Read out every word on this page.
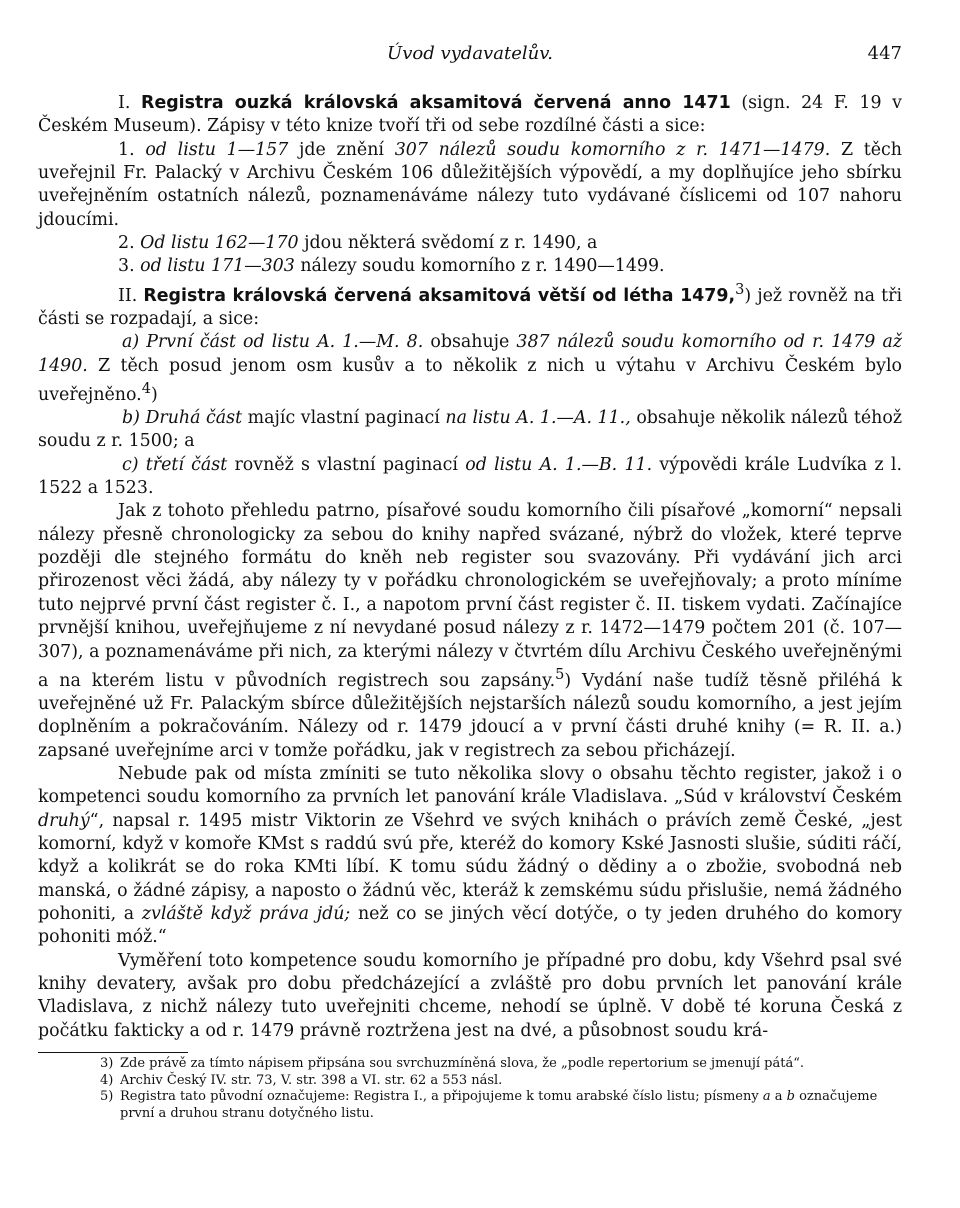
Úvod vydavatelův.	447

I. Registra ouzká královská aksamitová červená anno 1471 (sign. 24 F. 19 v Českém Museum). Zápisy v této knize tvoří tři od sebe rozdílné části a sice:

1. od listu 1—157 jde znění 307 nálezů soudu komorního z r. 1471—1479. Z těch uveřejnil Fr. Palacký v Archivu Českém 106 důležitějších výpovědí, a my doplňujíce jeho sbírku uveřejněním ostatních nálezů, poznamenáváme nálezy tuto vydávané číslicemi od 107 nahoru jdoucími.

2. Od listu 162—170 jdou některá svědomí z r. 1490, a

3. od listu 171—303 nálezy soudu komorního z r. 1490—1499.

II. Registra královská červená aksamitová větší od létha 1479,$^3$) jež rovněž na tři části se rozpadají, a sice:

a) První část od listu A. 1.—M. 8. obsahuje 387 nálezů soudu komorního od r. 1479 až 1490. Z těch posud jenom osm kusův a to několik z nich u výtahu v Archivu Českém bylo uveřejněno.$^4$)

b) Druhá část majíc vlastní paginací na listu A. 1.—A. 11., obsahuje několik nálezů téhož soudu z r. 1500; a

c) třetí část rovněž s vlastní paginací od listu A. 1.—B. 11. výpovědi krále Ludvíka z l. 1522 a 1523.

Jak z tohoto přehledu patrno, písařové soudu komorního čili písařové „komorní“ nepsali nálezy přesně chronologicky za sebou do knihy napřed svázané, nýbrž do vložek, které teprve později dle stejného formátu do kněh neb register sou svazovány. Při vydávání jich arci přirozenost věci žádá, aby nálezy ty v pořádku chronologickém se uveřejňovaly; a proto míníme tuto nejprvé první část register č. I., a napotom první část register č. II. tiskem vydati. Začínajíce prvnější knihou, uveřejňujeme z ní nevydané posud nálezy z r. 1472—1479 počtem 201 (č. 107—307), a poznamenáváme při nich, za kterými nálezy v čtvrtém dílu Archivu Českého uveřejněnými a na kterém listu v původních registrech sou zapsány.$^5$) Vydání naše tudíž těsně přiléhá k uveřejněné už Fr. Palackým sbírce důležitějších nejstarších nálezů soudu komorního, a jest jejím doplněním a pokračováním. Nálezy od r. 1479 jdoucí a v první části druhé knihy (= R. II. a.) zapsané uveřejníme arci v tomže pořádku, jak v registrech za sebou přicházejí.

Nebude pak od místa zmíniti se tuto několika slovy o obsahu těchto register, jakož i o kompetenci soudu komorního za prvních let panování krále Vladislava. „Súd v království Českém druhý“, napsal r. 1495 mistr Viktorin ze Všehrd ve svých knihách o právích země České, „jest komorní, když v komoře KMst s raddú svú pře, kteréž do komory Kské Jasnosti slušie, súditi ráčí, když a kolikrát se do roka KMti líbí. K tomu súdu žádný o dědiny a o zbožie, svobodná neb manská, o žádné zápisy, a naposto o žádnú věc, kteráž k zemskému súdu přislušie, nemá žádného pohoniti, a zvláště když práva jdú; než co se jiných věcí dotýče, o ty jeden druhého do komory pohoniti móž.“

Vyměření toto kompetence soudu komorního je případné pro dobu, kdy Všehrd psal své knihy devatery, avšak pro dobu předcházející a zvláště pro dobu prvních let panování krále Vladislava, z nichž nálezy tuto uveřejniti chceme, nehodí se úplně. V době té koruna Česká z počátku fakticky a od r. 1479 právně roztržena jest na dvé, a působnost soudu krá-

3) Zde právě za tímto nápisem připsána sou svrchuzmíněná slova, že „podle repertorium se jmenují pátá“.

4) Archiv Český IV. str. 73, V. str. 398 a VI. str. 62 a 553 násl.

5) Registra tato původní označujeme: Registra I., a připojujeme k tomu arabské číslo listu; písmeny a a b označujeme první a druhou stranu dotyčného listu.
